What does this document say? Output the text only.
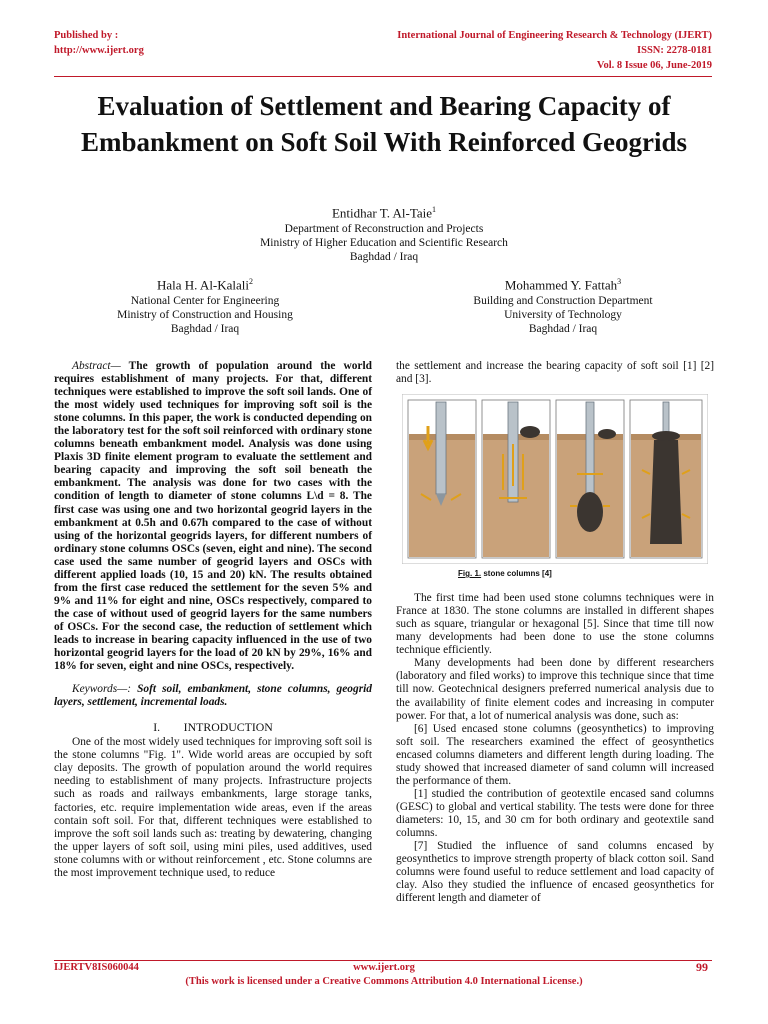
Published by :
http://www.ijert.org
International Journal of Engineering Research & Technology (IJERT)
ISSN: 2278-0181
Vol. 8 Issue 06, June-2019
Evaluation of Settlement and Bearing Capacity of Embankment on Soft Soil With Reinforced Geogrids
Entidhar T. Al-Taie$^1$
Department of Reconstruction and Projects
Ministry of Higher Education and Scientific Research
Baghdad / Iraq
Hala H. Al-Kalali$^2$
National Center for Engineering
Ministry of Construction and Housing
Baghdad / Iraq
Mohammed Y. Fattah$^3$
Building and Construction Department
University of Technology
Baghdad / Iraq

Abstract— The growth of population around the world requires establishment of many projects. For that, different techniques were established to improve the soft soil lands. One of the most widely used techniques for improving soft soil is the stone columns. In this paper, the work is conducted depending on the laboratory test for the soft soil reinforced with ordinary stone columns beneath embankment model. Analysis was done using Plaxis 3D finite element program to evaluate the settlement and bearing capacity and improving the soft soil beneath the embankment. The analysis was done for two cases with the condition of length to diameter of stone columns L\d = 8. The first case was using one and two horizontal geogrid layers in the embankment at 0.5h and 0.67h compared to the case of without using of the horizontal geogrids layers, for different numbers of ordinary stone columns OSCs (seven, eight and nine). The second case used the same number of geogrid layers and OSCs with different applied loads (10, 15 and 20) kN. The results obtained from the first case reduced the settlement for the seven 5% and 9% and 11% for eight and nine, OSCs respectively, compared to the case of without used of geogrid layers for the same numbers of OSCs. For the second case, the reduction of settlement which leads to increase in bearing capacity influenced in the use of two horizontal geogrid layers for the load of 20 kN by 29%, 16% and 18% for seven, eight and nine OSCs, respectively.

Keywords—: Soft soil, embankment, stone columns, geogrid layers, settlement, incremental loads.

I.        INTRODUCTION

One of the most widely used techniques for improving soft soil is the stone columns "Fig. 1". Wide world areas are occupied by soft clay deposits. The growth of population around the world requires needing to establishment of many projects. Infrastructure projects such as roads and railways embankments, large storage tanks, factories, etc. require implementation wide areas, even if the areas contain soft soil. For that, different techniques were established to improve the soft soil lands such as: treating by dewatering, changing the upper layers of soft soil, using mini piles, used additives, used stone columns with or without reinforcement , etc. Stone columns are the most improvement technique used, to reduce

the settlement and increase the bearing capacity of soft soil [1] [2] and [3].

Fig. 1. stone columns [4]

The first time had been used stone columns techniques were in France at 1830. The stone columns are installed in different shapes such as square, triangular or hexagonal [5]. Since that time till now many developments had been done to use the stone columns technique efficiently.

Many developments had been done by different researchers (laboratory and filed works) to improve this technique since that time till now. Geotechnical designers preferred numerical analysis due to the availability of finite element codes and increasing in computer power. For that, a lot of numerical analysis was done, such as:

[6] Used encased stone columns (geosynthetics) to improving soft soil. The researchers examined the effect of geosynthetics encased columns diameters and different length during loading. The study showed that increased diameter of sand column will increased the performance of them.

[1] studied the contribution of geotextile encased sand columns (GESC) to global and vertical stability. The tests were done for three diameters: 10, 15, and 30 cm for both ordinary and geotextile sand columns.

[7] Studied the influence of sand columns encased by geosynthetics to improve strength property of black cotton soil. Sand columns were found useful to reduce settlement and load capacity of clay. Also they studied the influence of encased geosynthetics for different length and diameter of

IJERTV8IS060044	www.ijert.org	99
(This work is licensed under a Creative Commons Attribution 4.0 International License.)
